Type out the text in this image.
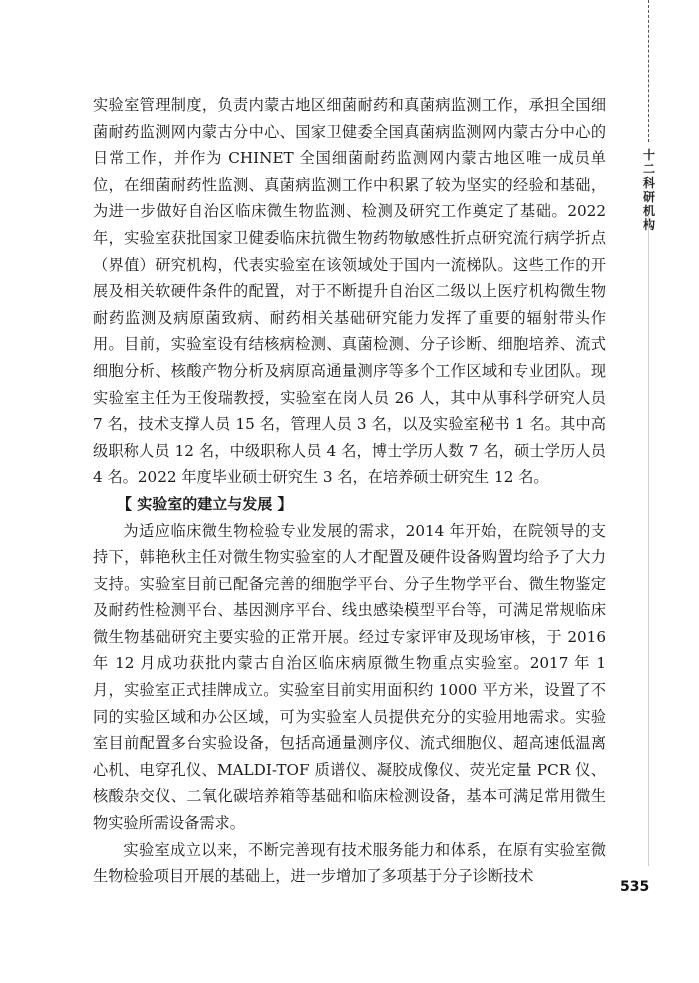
十二 科研机构

实验室管理制度，负责内蒙古地区细菌耐药和真菌病监测工作，承担全国细菌耐药监测网内蒙古分中心、国家卫健委全国真菌病监测网内蒙古分中心的日常工作，并作为 CHINET 全国细菌耐药监测网内蒙古地区唯一成员单位，在细菌耐药性监测、真菌病监测工作中积累了较为坚实的经验和基础，为进一步做好自治区临床微生物监测、检测及研究工作奠定了基础。2022 年，实验室获批国家卫健委临床抗微生物药物敏感性折点研究流行病学折点（界值）研究机构，代表实验室在该领域处于国内一流梯队。这些工作的开展及相关软硬件条件的配置，对于不断提升自治区二级以上医疗机构微生物耐药监测及病原菌致病、耐药相关基础研究能力发挥了重要的辐射带头作用。目前，实验室设有结核病检测、真菌检测、分子诊断、细胞培养、流式细胞分析、核酸产物分析及病原高通量测序等多个工作区域和专业团队。现实验室主任为王俊瑞教授，实验室在岗人员 26 人，其中从事科学研究人员 7 名，技术支撑人员 15 名，管理人员 3 名，以及实验室秘书 1 名。其中高级职称人员 12 名，中级职称人员 4 名，博士学历人数 7 名，硕士学历人员 4 名。2022 年度毕业硕士研究生 3 名，在培养硕士研究生 12 名。

【 实验室的建立与发展 】

为适应临床微生物检验专业发展的需求，2014 年开始，在院领导的支持下，韩艳秋主任对微生物实验室的人才配置及硬件设备购置均给予了大力支持。实验室目前已配备完善的细胞学平台、分子生物学平台、微生物鉴定及耐药性检测平台、基因测序平台、线虫感染模型平台等，可满足常规临床微生物基础研究主要实验的正常开展。经过专家评审及现场审核，于 2016 年 12 月成功获批内蒙古自治区临床病原微生物重点实验室。2017 年 1 月，实验室正式挂牌成立。实验室目前实用面积约 1000 平方米，设置了不同的实验区域和办公区域，可为实验室人员提供充分的实验用地需求。实验室目前配置多台实验设备，包括高通量测序仪、流式细胞仪、超高速低温离心机、电穿孔仪、MALDI-TOF 质谱仪、凝胶成像仪、荧光定量 PCR 仪、核酸杂交仪、二氧化碳培养箱等基础和临床检测设备，基本可满足常用微生物实验所需设备需求。

实验室成立以来，不断完善现有技术服务能力和体系，在原有实验室微生物检验项目开展的基础上，进一步增加了多项基于分子诊断技术

535
